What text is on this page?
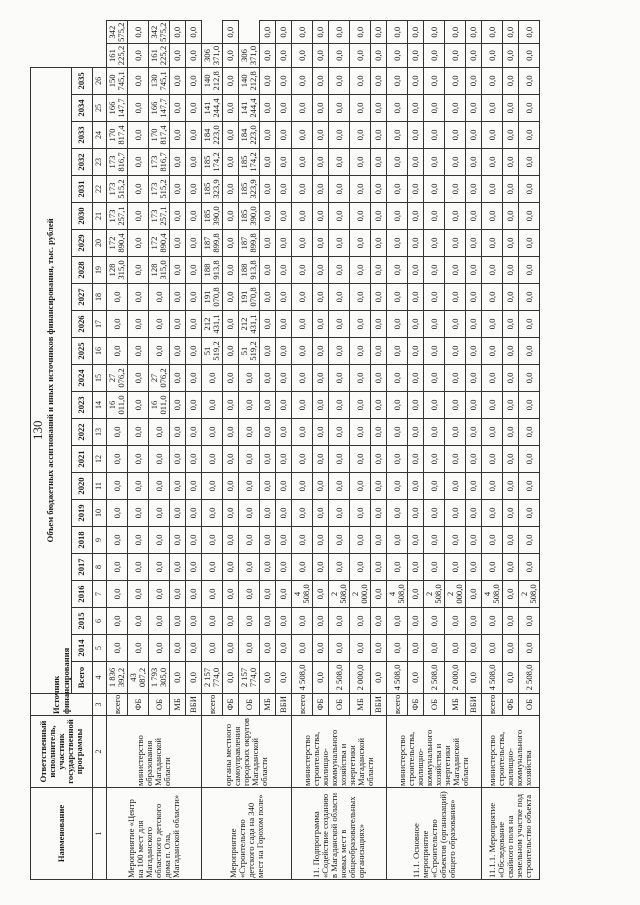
130
Наименование	Ответственный исполнитель, участник государственной программы	Источник финансирования	Объем бюджетных ассигнований и иных источников финансирования, тыс. рублей																								
			Всего	2014	2015	2016	2017	2018	2019	2020	2021	2022	2023	2024	2025	2026	2027	2028	2029	2030	2031	2032	2033	2034	2035		
1	2	3	4	5	6	7	8	9	10	11	12	13	14	15	16	17	18	19	20	21	22	23	24	25	26		
Мероприятие «Центр на 100 мест для Магаданского областного детского дома п. Ола, Магаданской области»	министерство образования Магаданской области	всего:	1 836 392,2	0,0	0,0	0,0	0,0	0,0	0,0	0,0	0,0	0,0	16 011,0	27 076,2	0,0	0,0	0,0	128 315,0	172 890,4	173 257,1	173 515,2	173 816,7	170 817,4	166 147,7	150 745,1	161 225,2	342 575,2
		ФБ	43 087,2	0,0	0,0	0,0	0,0	0,0	0,0	0,0	0,0	0,0	0,0	0,0	0,0	0,0	0,0	0,0	0,0	0,0	0,0	0,0	0,0	0,0	0,0	0,0	0,0
		ОБ	1 793 305,0	0,0	0,0	0,0	0,0	0,0	0,0	0,0	0,0	0,0	16 011,0	27 076,2	0,0	0,0	0,0	128 315,0	172 890,4	173 257,1	173 515,2	173 816,7	170 817,4	166 147,7	130 745,1	161 225,2	342 575,2
		МБ	0,0	0,0	0,0	0,0	0,0	0,0	0,0	0,0	0,0	0,0	0,0	0,0	0,0	0,0	0,0	0,0	0,0	0,0	0,0	0,0	0,0	0,0	0,0	0,0	0,0
		ВБИ	0,0	0,0	0,0	0,0	0,0	0,0	0,0	0,0	0,0	0,0	0,0	0,0	0,0	0,0	0,0	0,0	0,0	0,0	0,0	0,0	0,0	0,0	0,0	0,0	0,0
Мероприятие «Строительство детского сада на 340 мест на Горохом поле»	органы местного самоуправления городских округов Магаданской области	всего:	2 157 774,0	0,0	0,0	0,0	0,0	0,0	0,0	0,0	0,0	0,0	0,0	0,0	51 519,2	212 431,1	191 070,8	188 913,8	187 899,8	185 390,0	185 323,9	185 174,2	184 223,0	141 244,4	140 212,8	306 371,0	
		ФБ	0,0	0,0	0,0	0,0	0,0	0,0	0,0	0,0	0,0	0,0	0,0	0,0	0,0	0,0	0,0	0,0	0,0	0,0	0,0	0,0	0,0	0,0	0,0	0,0	0,0
		ОБ	2 157 774,0	0,0	0,0	0,0	0,0	0,0	0,0	0,0	0,0	0,0	0,0	0,0	51 519,2	212 431,1	191 070,8	188 913,8	187 899,8	185 390,0	185 323,9	185 174,2	184 223,0	141 244,4	140 212,8	306 371,0	
		МБ	0,0	0,0	0,0	0,0	0,0	0,0	0,0	0,0	0,0	0,0	0,0	0,0	0,0	0,0	0,0	0,0	0,0	0,0	0,0	0,0	0,0	0,0	0,0	0,0	0,0
		ВБИ	0,0	0,0	0,0	0,0	0,0	0,0	0,0	0,0	0,0	0,0	0,0	0,0	0,0	0,0	0,0	0,0	0,0	0,0	0,0	0,0	0,0	0,0	0,0	0,0	0,0
11. Подпрограмма «Содействие созданию в Магаданской области новых мест в общеобразовательных организациях»	министерство строительства, жилищно-коммунального хозяйства и энергетики Магаданской области	всего:	4 508,0	0,0	0,0	4 508,0	0,0	0,0	0,0	0,0	0,0	0,0	0,0	0,0	0,0	0,0	0,0	0,0	0,0	0,0	0,0	0,0	0,0	0,0	0,0	0,0	0,0
		ФБ	0,0	0,0	0,0	0,0	0,0	0,0	0,0	0,0	0,0	0,0	0,0	0,0	0,0	0,0	0,0	0,0	0,0	0,0	0,0	0,0	0,0	0,0	0,0	0,0	0,0
		ОБ	2 508,0	0,0	0,0	2 508,0	0,0	0,0	0,0	0,0	0,0	0,0	0,0	0,0	0,0	0,0	0,0	0,0	0,0	0,0	0,0	0,0	0,0	0,0	0,0	0,0	0,0
		МБ	2 000,0	0,0	0,0	2 000,0	0,0	0,0	0,0	0,0	0,0	0,0	0,0	0,0	0,0	0,0	0,0	0,0	0,0	0,0	0,0	0,0	0,0	0,0	0,0	0,0	0,0
		ВБИ	0,0	0,0	0,0	0,0	0,0	0,0	0,0	0,0	0,0	0,0	0,0	0,0	0,0	0,0	0,0	0,0	0,0	0,0	0,0	0,0	0,0	0,0	0,0	0,0	0,0
11.1. Основное мероприятие «Строительство объектов (организаций) общего образования»	министерство строительства, жилищно-коммунального хозяйства и энергетики Магаданской области	всего:	4 508,0	0,0	0,0	4 508,0	0,0	0,0	0,0	0,0	0,0	0,0	0,0	0,0	0,0	0,0	0,0	0,0	0,0	0,0	0,0	0,0	0,0	0,0	0,0	0,0	0,0
		ФБ	0,0	0,0	0,0	0,0	0,0	0,0	0,0	0,0	0,0	0,0	0,0	0,0	0,0	0,0	0,0	0,0	0,0	0,0	0,0	0,0	0,0	0,0	0,0	0,0	0,0
		ОБ	2 508,0	0,0	0,0	2 508,0	0,0	0,0	0,0	0,0	0,0	0,0	0,0	0,0	0,0	0,0	0,0	0,0	0,0	0,0	0,0	0,0	0,0	0,0	0,0	0,0	0,0
		МБ	2 000,0	0,0	0,0	2 000,0	0,0	0,0	0,0	0,0	0,0	0,0	0,0	0,0	0,0	0,0	0,0	0,0	0,0	0,0	0,0	0,0	0,0	0,0	0,0	0,0	0,0
		ВБИ	0,0	0,0	0,0	0,0	0,0	0,0	0,0	0,0	0,0	0,0	0,0	0,0	0,0	0,0	0,0	0,0	0,0	0,0	0,0	0,0	0,0	0,0	0,0	0,0	0,0
11.1.1. Мероприятие «Обследование свайного поля на земельном участке под строительство объекта	министерство строительства, жилищно-коммунального хозяйства	всего:	4 508,0	0,0	0,0	4 508,0	0,0	0,0	0,0	0,0	0,0	0,0	0,0	0,0	0,0	0,0	0,0	0,0	0,0	0,0	0,0	0,0	0,0	0,0	0,0	0,0	0,0
		ФБ	0,0	0,0	0,0	0,0	0,0	0,0	0,0	0,0	0,0	0,0	0,0	0,0	0,0	0,0	0,0	0,0	0,0	0,0	0,0	0,0	0,0	0,0	0,0	0,0	0,0
		ОБ	2 508,0	0,0	0,0	2 508,0	0,0	0,0	0,0	0,0	0,0	0,0	0,0	0,0	0,0	0,0	0,0	0,0	0,0	0,0	0,0	0,0	0,0	0,0	0,0	0,0	0,0
